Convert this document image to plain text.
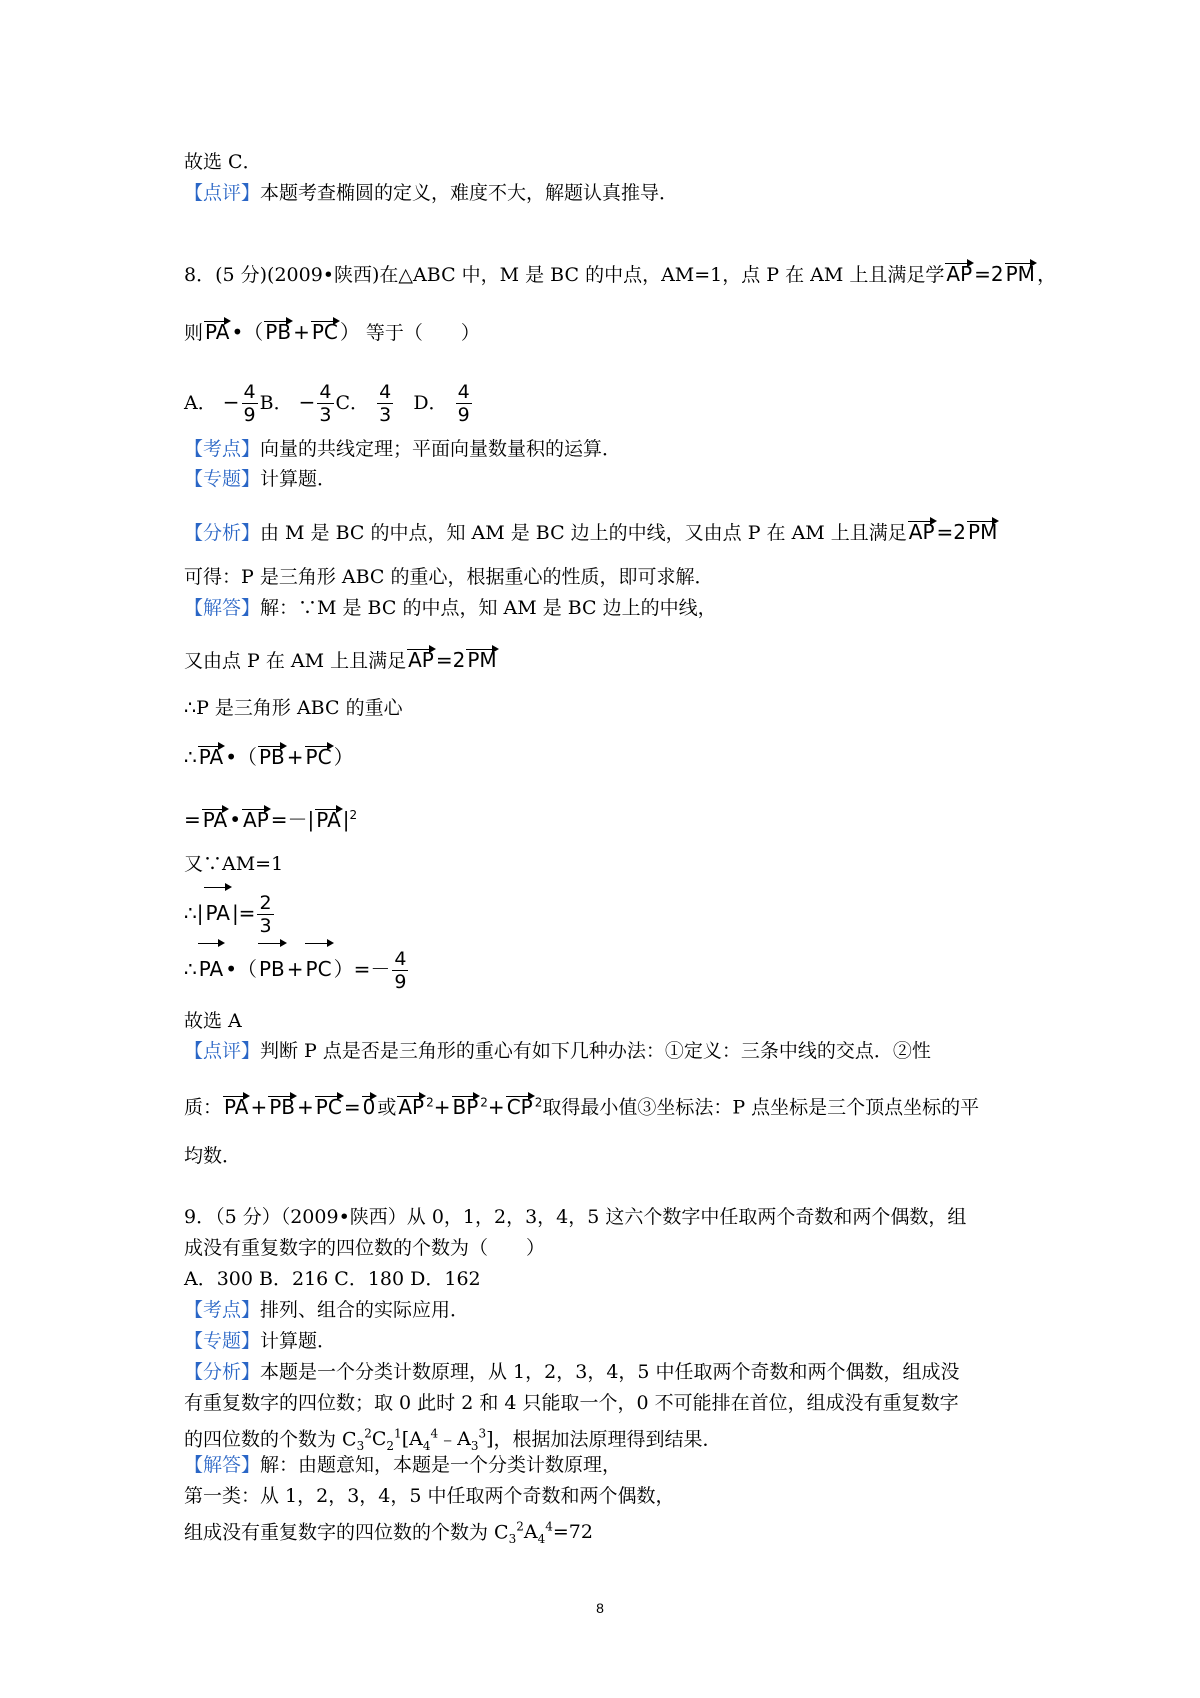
故选 C．
【点评】本题考查椭圆的定义，难度不大，解题认真推导．
8．(5 分)(2009•陕西)在△ABC 中，M 是 BC 的中点，AM=1，点 P 在 AM 上且满足学 AP =2 PM ，
则 PA •（ PB + PC ） 等于（　　）
A． − $\frac{4}{9}$ B． − $\frac{4}{3}$ C． $\frac{4}{3}$ D． $\frac{4}{9}$
【考点】向量的共线定理；平面向量数量积的运算．
【专题】计算题．
【分析】由 M 是 BC 的中点，知 AM 是 BC 边上的中线，又由点 P 在 AM 上且满足 AP =2 PM
可得：P 是三角形 ABC 的重心，根据重心的性质，即可求解．
【解答】解：∵M 是 BC 的中点，知 AM 是 BC 边上的中线，
又由点 P 在 AM 上且满足 AP =2 PM
∴P 是三角形 ABC 的重心
∴ PA •（ PB + PC ）
= PA • AP =－| PA $|^2$
又∵AM=1
∴| PA |= $\frac{2}{3}$
∴ PA •（ PB + PC ）=－ $\frac{4}{9}$
故选 A
【点评】判断 P 点是否是三角形的重心有如下几种办法：①定义：三条中线的交点．②性
质： PA + PB + PC = 0 或 AP $^2$+ BP $^2$+ CP $^2$取得最小值③坐标法：P 点坐标是三个顶点坐标的平
均数．
9．（5 分）（2009•陕西）从 0，1，2，3，4，5 这六个数字中任取两个奇数和两个偶数，组
成没有重复数字的四位数的个数为（　　）
A．300 B．216 C．180 D．162
【考点】排列、组合的实际应用．
【专题】计算题．
【分析】本题是一个分类计数原理，从 1，2，3，4，5 中任取两个奇数和两个偶数，组成没
有重复数字的四位数；取 0 此时 2 和 4 只能取一个，0 不可能排在首位，组成没有重复数字
的四位数的个数为 $C_3^2C_2^1[A_4^4﹣A_3^3]$，根据加法原理得到结果．
【解答】解：由题意知，本题是一个分类计数原理，
第一类：从 1，2，3，4，5 中任取两个奇数和两个偶数，
组成没有重复数字的四位数的个数为 $C_3^2A_4^4=72$
8
